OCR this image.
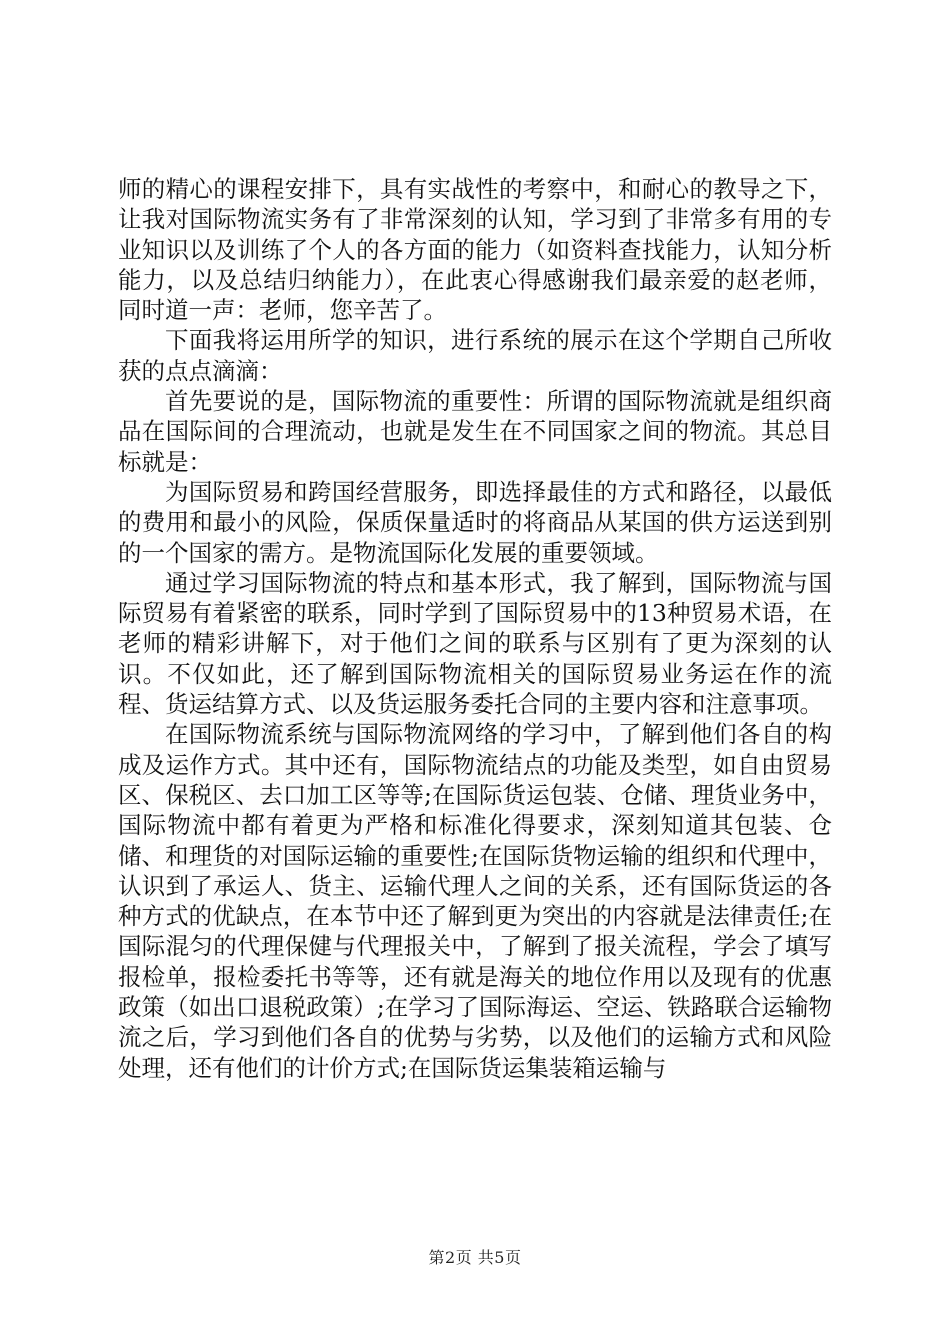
师的精心的课程安排下，具有实战性的考察中，和耐心的教导之下，让我对国际物流实务有了非常深刻的认知，学习到了非常多有用的专业知识以及训练了个人的各方面的能力（如资料查找能力，认知分析能力，以及总结归纳能力），在此衷心得感谢我们最亲爱的赵老师，同时道一声：老师，您辛苦了。

下面我将运用所学的知识，进行系统的展示在这个学期自己所收获的点点滴滴：

首先要说的是，国际物流的重要性：所谓的国际物流就是组织商品在国际间的合理流动，也就是发生在不同国家之间的物流。其总目标就是：

为国际贸易和跨国经营服务，即选择最佳的方式和路径，以最低的费用和最小的风险，保质保量适时的将商品从某国的供方运送到别的一个国家的需方。是物流国际化发展的重要领域。

通过学习国际物流的特点和基本形式，我了解到，国际物流与国际贸易有着紧密的联系，同时学到了国际贸易中的13种贸易术语，在老师的精彩讲解下，对于他们之间的联系与区别有了更为深刻的认识。不仅如此，还了解到国际物流相关的国际贸易业务运在作的流程、货运结算方式、以及货运服务委托合同的主要内容和注意事项。

在国际物流系统与国际物流网络的学习中，了解到他们各自的构成及运作方式。其中还有，国际物流结点的功能及类型，如自由贸易区、保税区、去口加工区等等;在国际货运包装、仓储、理货业务中，国际物流中都有着更为严格和标准化得要求，深刻知道其包装、仓储、和理货的对国际运输的重要性;在国际货物运输的组织和代理中，认识到了承运人、货主、运输代理人之间的关系，还有国际货运的各种方式的优缺点，在本节中还了解到更为突出的内容就是法律责任;在国际混匀的代理保健与代理报关中，了解到了报关流程，学会了填写报检单，报检委托书等等，还有就是海关的地位作用以及现有的优惠政策（如出口退税政策）;在学习了国际海运、空运、铁路联合运输物流之后，学习到他们各自的优势与劣势，以及他们的运输方式和风险处理，还有他们的计价方式;在国际货运集装箱运输与

第2页 共5页
